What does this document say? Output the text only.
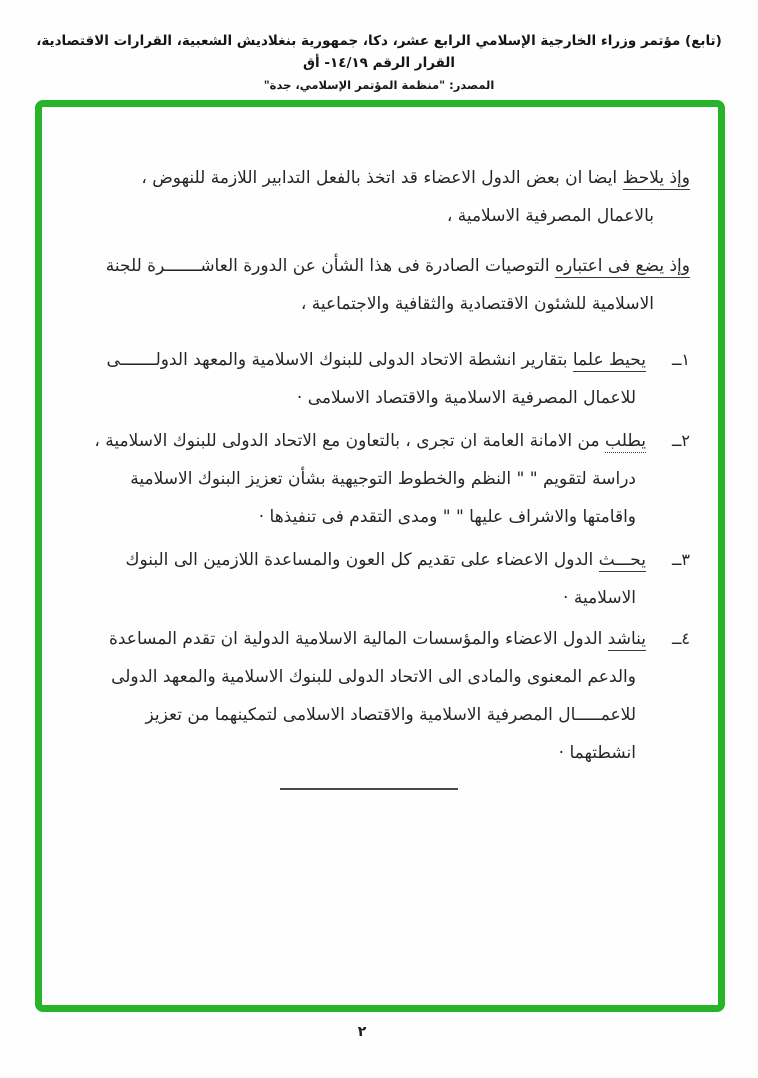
(تابع) مؤتمر وزراء الخارجية الإسلامي الرابع عشر، دكا، جمهورية بنغلاديش الشعبية، القرارات الاقتصادية، القرار الرقم ١٤/١٩- أق
المصدر: "منظمة المؤتمر الإسلامي، جدة"

وإذ يلاحظ ايضا ان بعض الدول الاعضاء قد اتخذ بالفعل التدابير اللازمة للنهوض ، بالاعمال المصرفية الاسلامية ،

وإذ يضع فى اعتباره التوصيات الصادرة فى هذا الشأن عن الدورة العاشـــــــرة للجنة الاسلامية للشئون الاقتصادية والثقافية والاجتماعية ،

١ــ
يحيط علما بتقارير انشطة الاتحاد الدولى للبنوك الاسلامية والمعهد الدولـــــــى للاعمال المصرفية الاسلامية والاقتصاد الاسلامى ·
٢ــ
يطلب من الامانة العامة ان تجرى ، بالتعاون مع الاتحاد الدولى للبنوك الاسلامية ، دراسة لتقويم " " النظم والخطوط التوجيهية بشأن تعزيز البنوك الاسلامية واقامتها والاشراف عليها " " ومدى التقدم فى تنفيذها ·
٣ــ
يحـــث الدول الاعضاء على تقديم كل العون والمساعدة اللازمين الى البنوك الاسلامية ·
٤ــ
يناشد الدول الاعضاء والمؤسسات المالية الاسلامية الدولية ان تقدم المساعدة والدعم المعنوى والمادى الى الاتحاد الدولى للبنوك الاسلامية والمعهد الدولى للاعمـــــال المصرفية الاسلامية والاقتصاد الاسلامى لتمكينهما من تعزيز انشطتهما ·
٢
